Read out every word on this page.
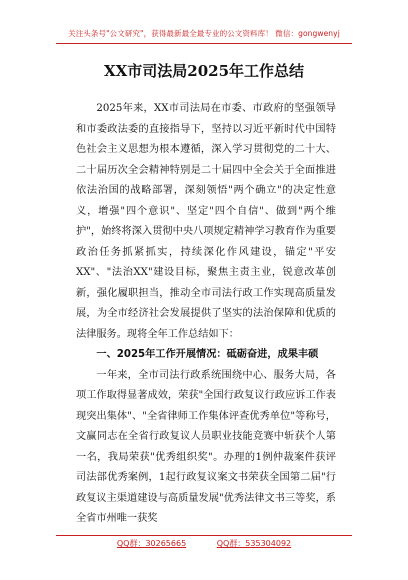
关注头条号"公文研究"，获得最新最全最专业的公文资料库！ 微信：gongwenyj
XX市司法局2025年工作总结

2025年来，XX市司法局在市委、市政府的坚强领导和市委政法委的直接指导下，坚持以习近平新时代中国特色社会主义思想为根本遵循，深入学习贯彻党的二十大、二十届历次全会精神特别是二十届四中全会关于全面推进依法治国的战略部署，深刻领悟"两个确立"的决定性意义，增强"四个意识"、坚定"四个自信"、做到"两个维护"，始终将深入贯彻中央八项规定精神学习教育作为重要政治任务抓紧抓实，持续深化作风建设，锚定"平安XX"、"法治XX"建设目标，聚焦主责主业，锐意改革创新，强化履职担当，推动全市司法行政工作实现高质量发展，为全市经济社会发展提供了坚实的法治保障和优质的法律服务。现将全年工作总结如下：

一、2025年工作开展情况：砥砺奋进，成果丰硕

一年来，全市司法行政系统围绕中心、服务大局，各项工作取得显著成效，荣获"全国行政复议行政应诉工作表现突出集体"、"全省律师工作集体评查优秀单位"等称号，文赢同志在全省行政复议人员职业技能竞赛中斩获个人第一名，我局荣获"优秀组织奖"。办理的1例仲裁案件获评司法部优秀案例，1起行政复议案文书荣获全国第二届"行政复议主渠道建设与高质量发展"优秀法律文书三等奖，系全省市州唯一获奖

QQ群：30265665	QQ群：535304092
